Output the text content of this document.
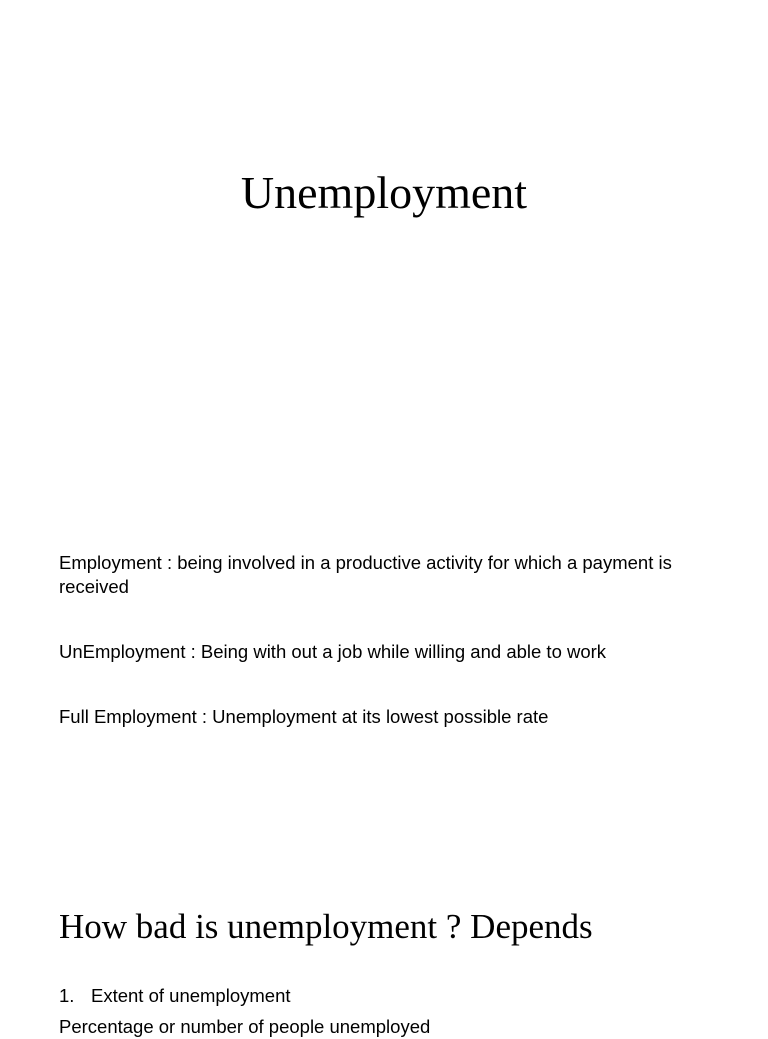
Unemployment

Employment : being involved in a productive activity for which a payment is received

UnEmployment : Being with out a job while willing and able to work

Full Employment : Unemployment at its lowest possible rate

How bad is unemployment ? Depends
1. Extent of unemployment

Percentage or number of people unemployed
